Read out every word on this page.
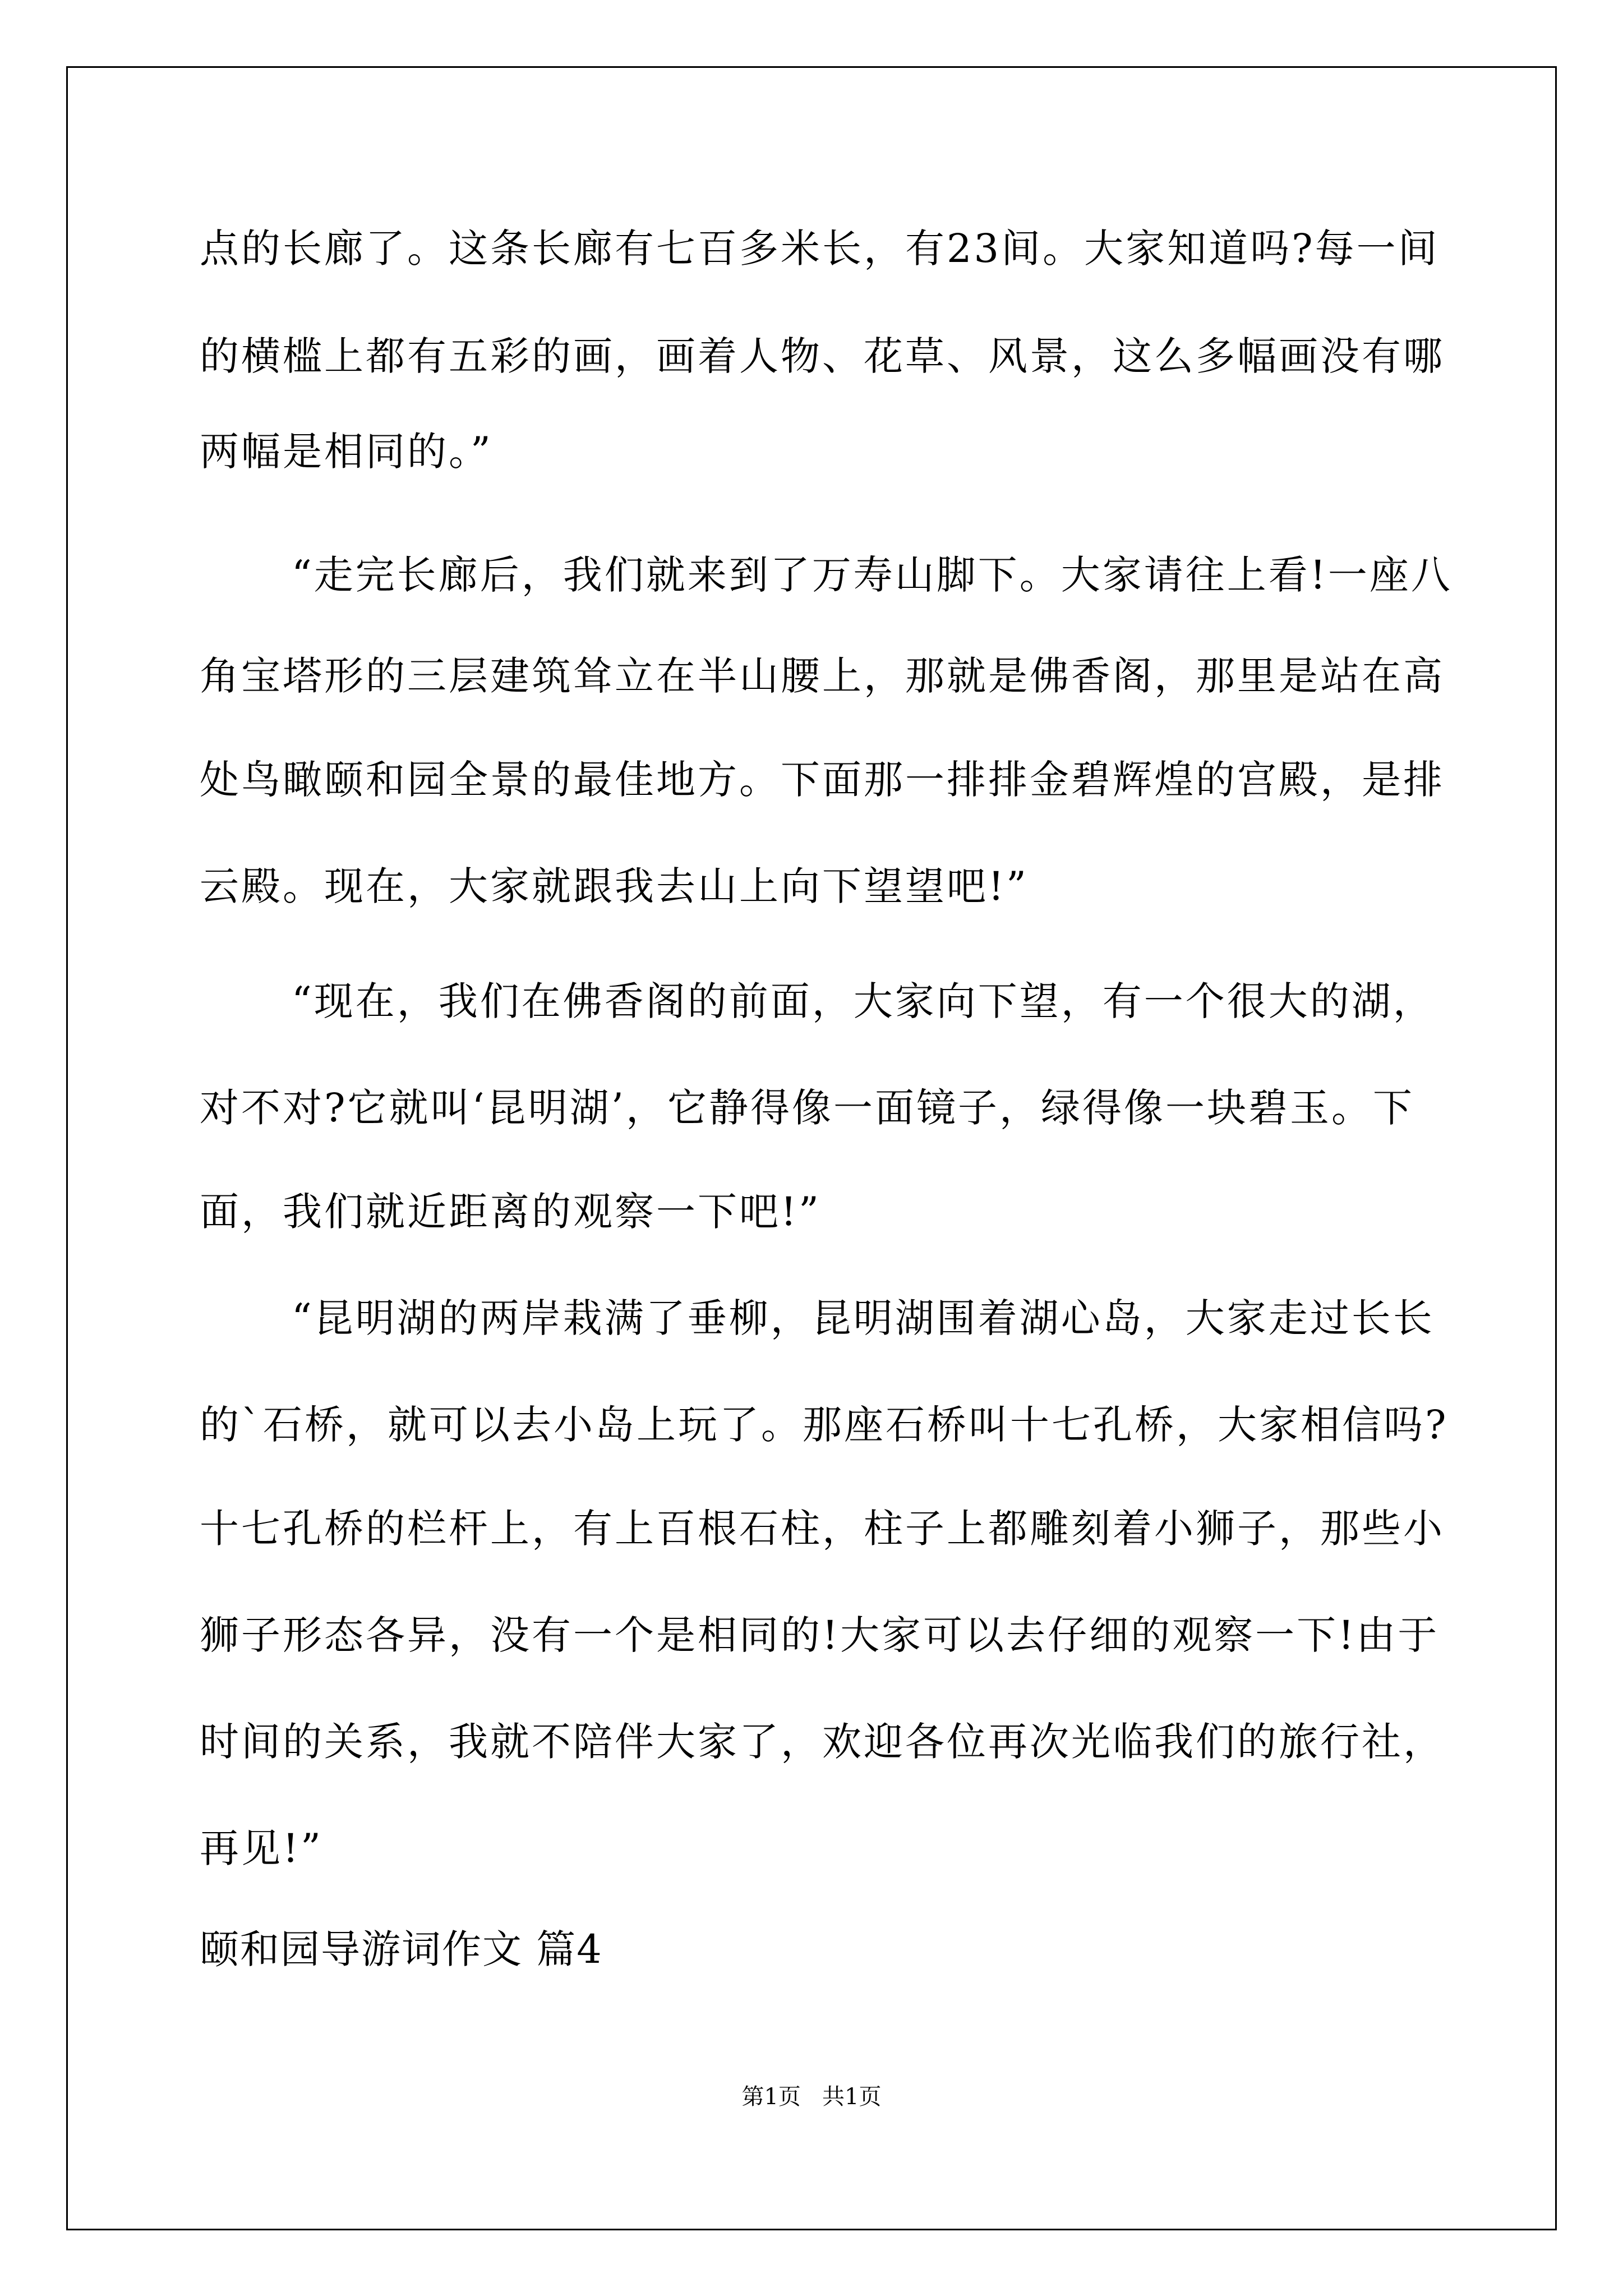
点的长廊了。这条长廊有七百多米长，有23间。大家知道吗?每一间
的横槛上都有五彩的画，画着人物、花草、风景，这么多幅画没有哪
两幅是相同的。”
“走完长廊后，我们就来到了万寿山脚下。大家请往上看!一座八
角宝塔形的三层建筑耸立在半山腰上，那就是佛香阁，那里是站在高
处鸟瞰颐和园全景的最佳地方。下面那一排排金碧辉煌的宫殿，是排
云殿。现在，大家就跟我去山上向下望望吧!”
“现在，我们在佛香阁的前面，大家向下望，有一个很大的湖，
对不对?它就叫‘昆明湖’，它静得像一面镜子，绿得像一块碧玉。下
面，我们就近距离的观察一下吧!”
“昆明湖的两岸栽满了垂柳，昆明湖围着湖心岛，大家走过长长
的`石桥，就可以去小岛上玩了。那座石桥叫十七孔桥，大家相信吗?
十七孔桥的栏杆上，有上百根石柱，柱子上都雕刻着小狮子，那些小
狮子形态各异，没有一个是相同的!大家可以去仔细的观察一下!由于
时间的关系，我就不陪伴大家了，欢迎各位再次光临我们的旅行社，
再见!”
颐和园导游词作文 篇4
第1页   共1页
